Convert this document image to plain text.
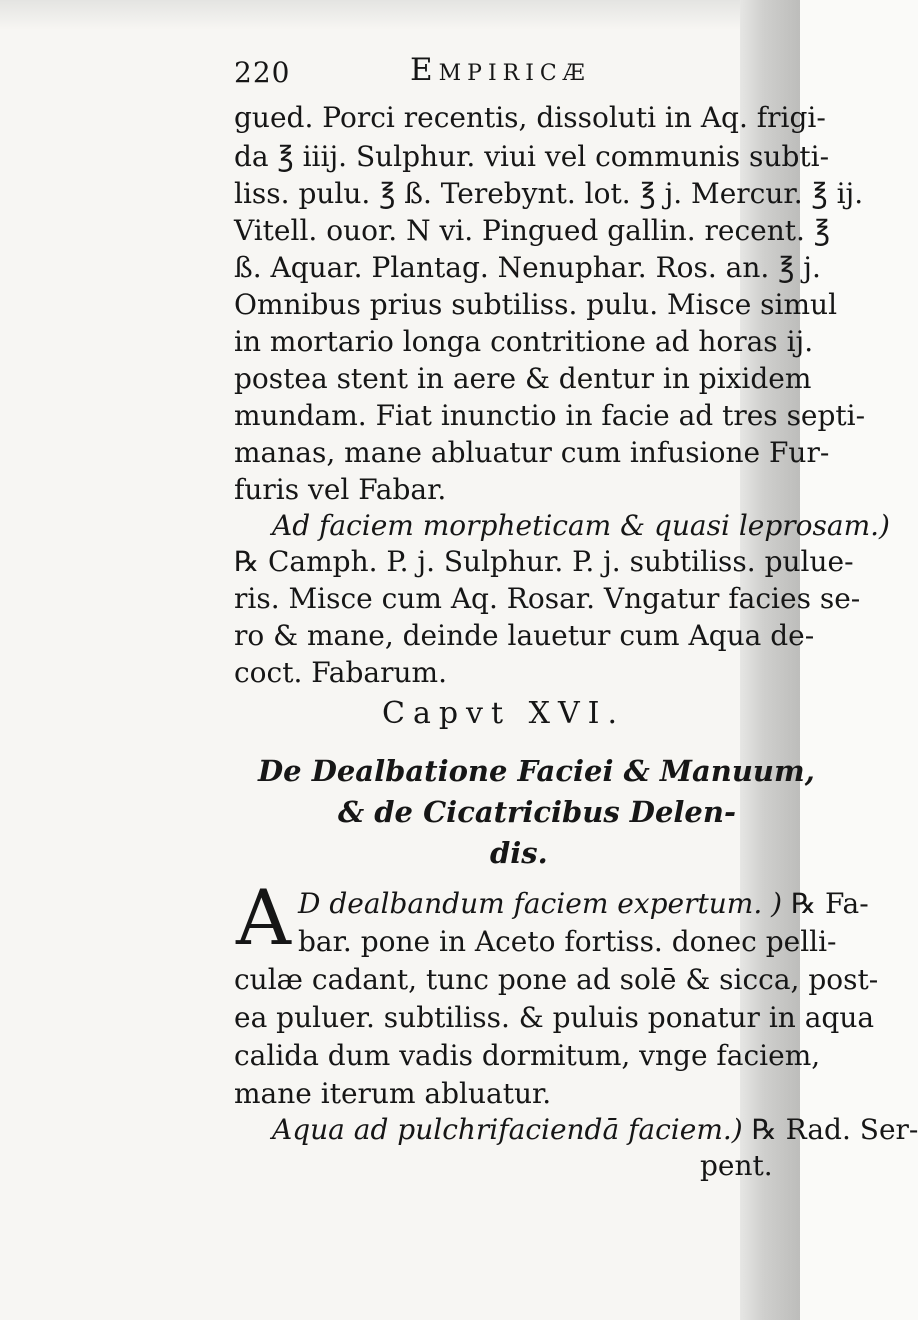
220	Empiricæ
gued. Porci recentis, dissoluti in Aq. frigi-
da ℥ iiij. Sulphur. viui vel communis subti-
liss. pulu. ℥ ß. Terebynt. lot. ℥ j. Mercur. ℥ ij.
Vitell. ouor. N vi. Pingued gallin. recent. ℥
ß. Aquar. Plantag. Nenuphar. Ros. an. ℥ j.
Omnibus prius subtiliss. pulu. Misce simul
in mortario longa contritione ad horas ij.
postea stent in aere & dentur in pixidem
mundam. Fiat inunctio in facie ad tres septi-
manas, mane abluatur cum infusione Fur-
furis vel Fabar.
Ad faciem morpheticam & quasi leprosam.)
℞ Camph. P. j. Sulphur. P. j. subtiliss. pulue-
ris. Misce cum Aq. Rosar. Vngatur facies se-
ro & mane, deinde lauetur cum Aqua de-
coct. Fabarum.
Capvt XVI.
De Dealbatione Faciei & Manuum,
& de Cicatricibus Delen-
dis.
A D dealbandum faciem expertum. ) ℞ Fa-
bar. pone in Aceto fortiss. donec pelli-
culæ cadant, tunc pone ad solē & sicca, post-
ea puluer. subtiliss. & puluis ponatur in aqua
calida dum vadis dormitum, vnge faciem,
mane iterum abluatur.
Aqua ad pulchrifaciendā faciem.) ℞ Rad. Ser-
pent.
